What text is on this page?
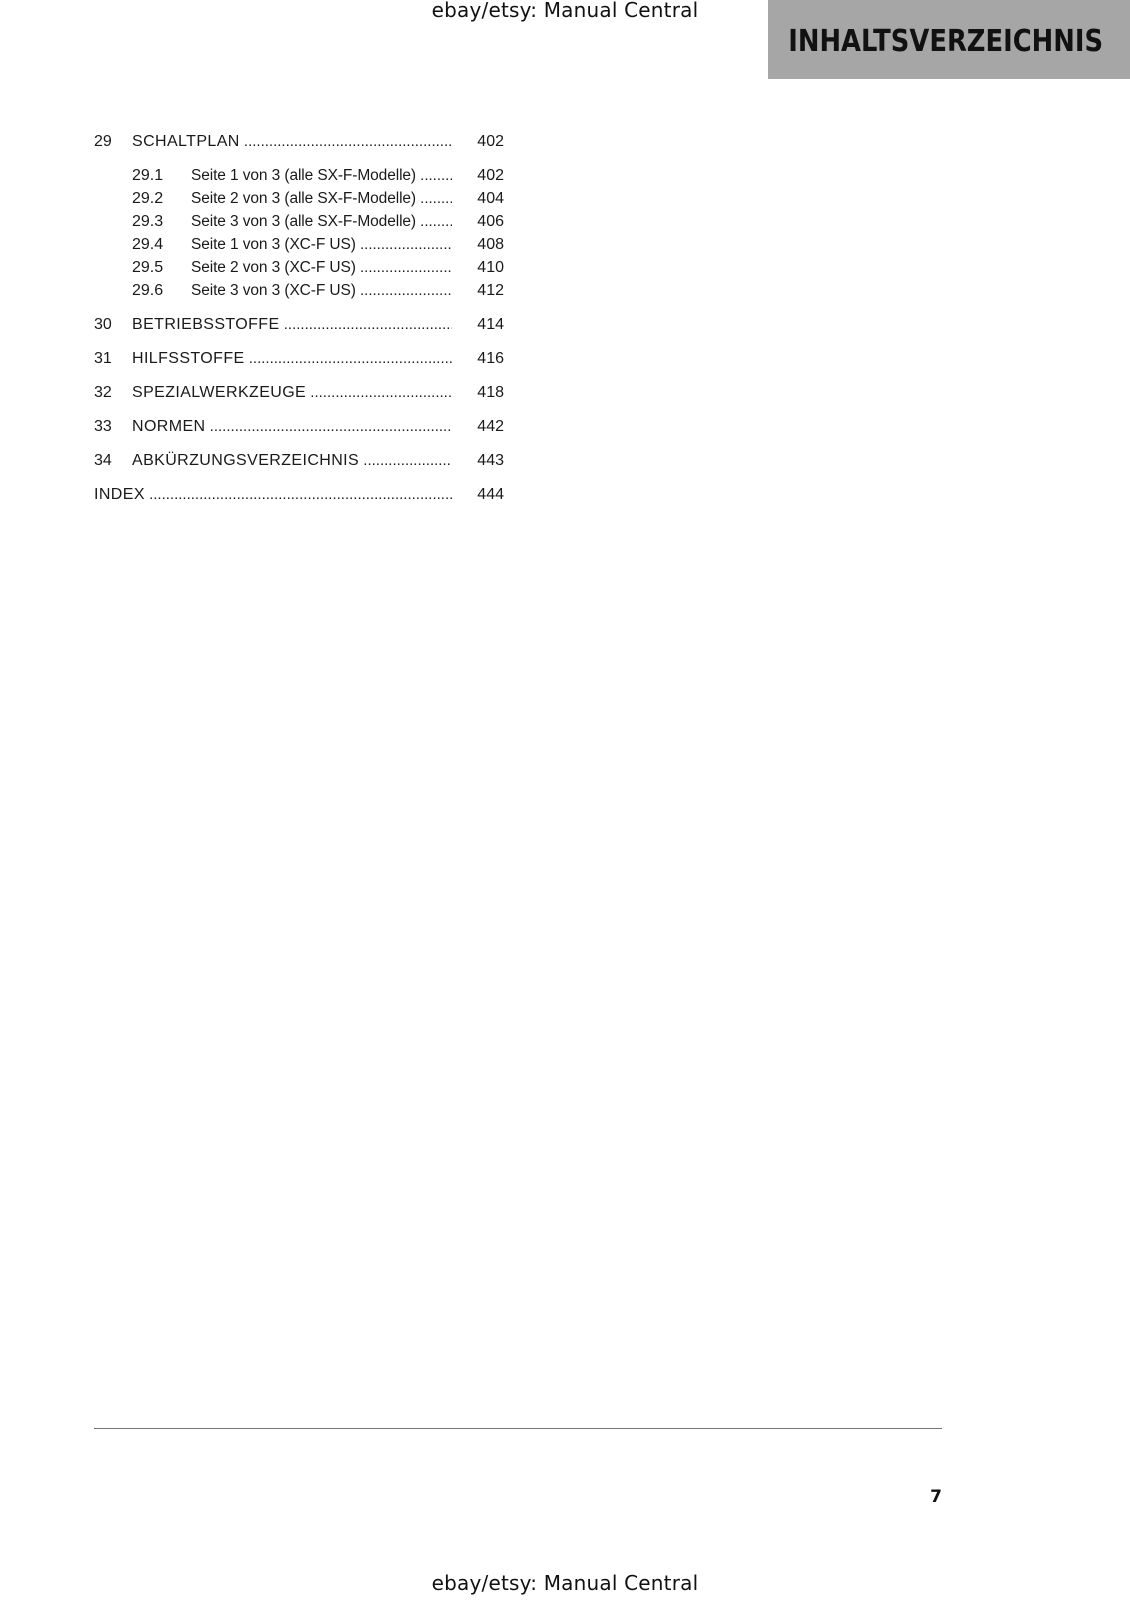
ebay/etsy: Manual Central
INHALTSVERZEICHNIS
29 SCHALTPLAN .....	402
29.1 Seite 1 von 3 (alle SX-F-Modelle) .....	402
29.2 Seite 2 von 3 (alle SX-F-Modelle) .....	404
29.3 Seite 3 von 3 (alle SX-F-Modelle) .....	406
29.4 Seite 1 von 3 (XC-F US) .....	408
29.5 Seite 2 von 3 (XC-F US) .....	410
29.6 Seite 3 von 3 (XC-F US) .....	412
30 BETRIEBSSTOFFE .....	414
31 HILFSSTOFFE .....	416
32 SPEZIALWERKZEUGE .....	418
33 NORMEN .....	442
34 ABKÜRZUNGSVERZEICHNIS .....	443
INDEX .....	444
7
ebay/etsy: Manual Central
